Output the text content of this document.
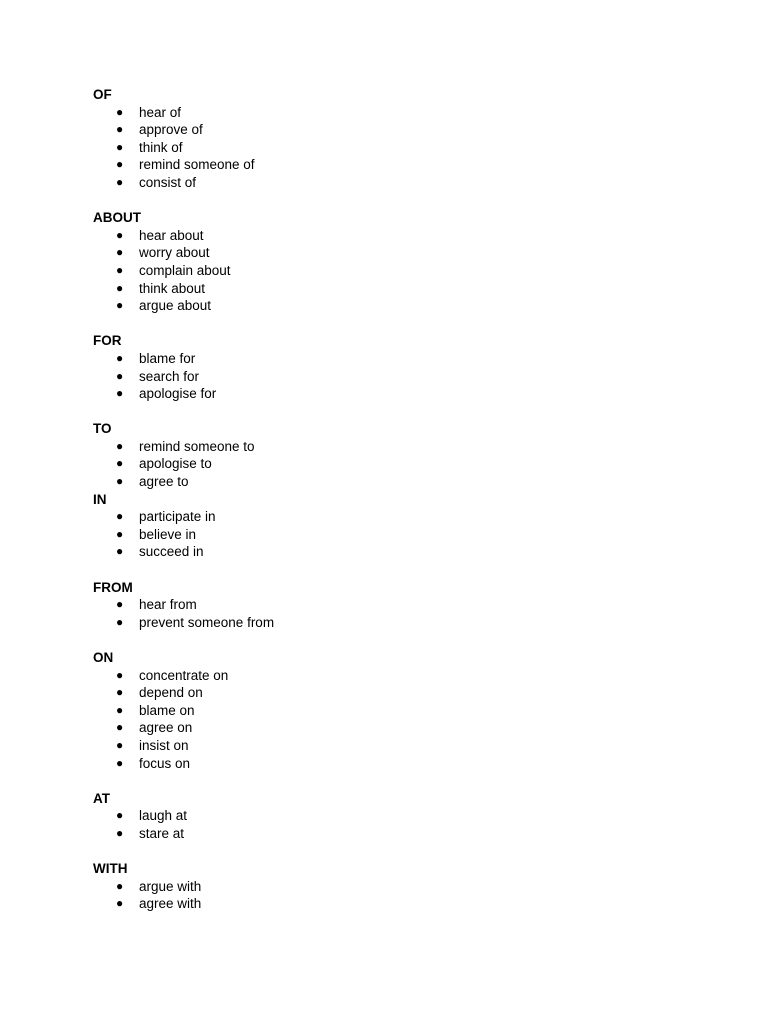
OF
● hear of
● approve of
● think of
● remind someone of
● consist of
ABOUT
● hear about
● worry about
● complain about
● think about
● argue about
FOR
● blame for
● search for
● apologise for
TO
● remind someone to
● apologise to
● agree to
IN
● participate in
● believe in
● succeed in
FROM
● hear from
● prevent someone from
ON
● concentrate on
● depend on
● blame on
● agree on
● insist on
● focus on
AT
● laugh at
● stare at
WITH
● argue with
● agree with
